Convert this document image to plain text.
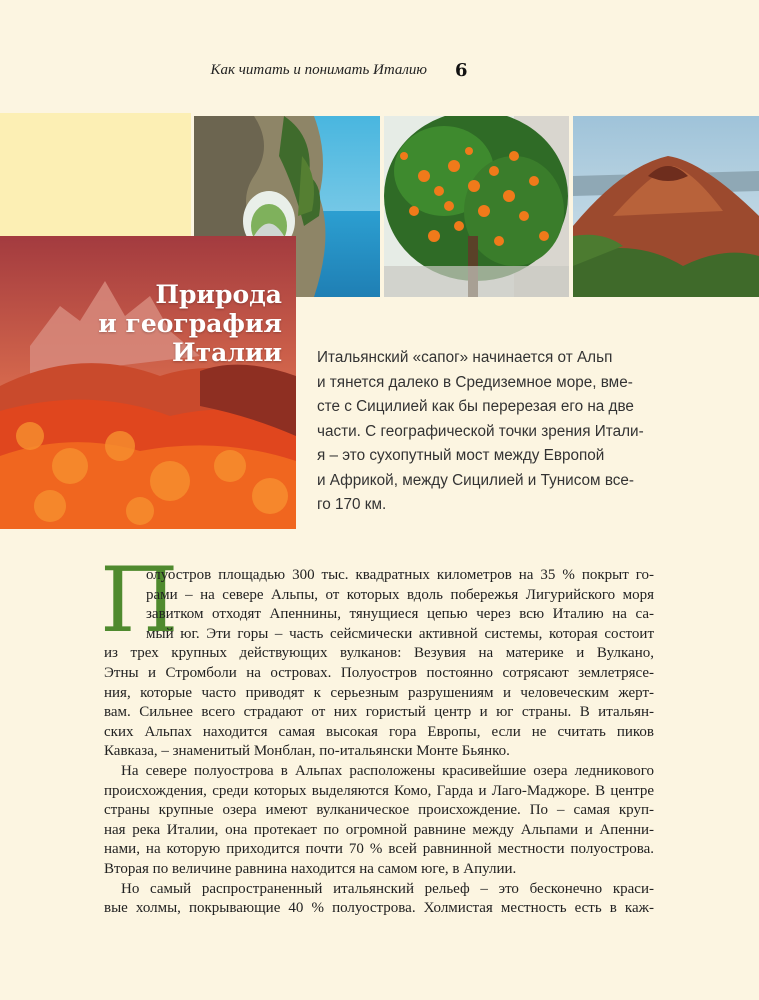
Как читать и понимать Италию 6
Природа
и география
Италии Итальянский «сапог» начинается от Альп
и тянется далеко в Средиземное море, вме-
сте с Сицилией как бы перерезая его на две
части. С географической точки зрения Итали-
я – это сухопутный мост между Европой
и Африкой, между Сицилией и Тунисом все-
го 170 км.
П
олуостров площадью 300 тыс. квадратных километров на 35 % покрыт го-
рами – на севере Альпы, от которых вдоль побережья Лигурийского моря
завитком отходят Апеннины, тянущиеся цепью через всю Италию на са-
мый юг. Эти горы – часть сейсмически активной системы, которая состоит
из трех крупных действующих вулканов: Везувия на материке и Вулкано,
Этны и Стромболи на островах. Полуостров постоянно сотрясают землетрясе-
ния, которые часто приводят к серьезным разрушениям и человеческим жерт-
вам. Сильнее всего страдают от них гористый центр и юг страны. В итальян-
ских Альпах находится самая высокая гора Европы, если не считать пиков
Кавказа, – знаменитый Монблан, по-итальянски Монте Бьянко.
На севере полуострова в Альпах расположены красивейшие озера ледникового
происхождения, среди которых выделяются Комо, Гарда и Лаго-Маджоре. В центре
страны крупные озера имеют вулканическое происхождение. По – самая круп-
ная река Италии, она протекает по огромной равнине между Альпами и Апенни-
нами, на которую приходится почти 70 % всей равнинной местности полуострова.
Вторая по величине равнина находится на самом юге, в Апулии.
Но самый распространенный итальянский рельеф – это бесконечно краси-
вые холмы, покрывающие 40 % полуострова. Холмистая местность есть в каж-
